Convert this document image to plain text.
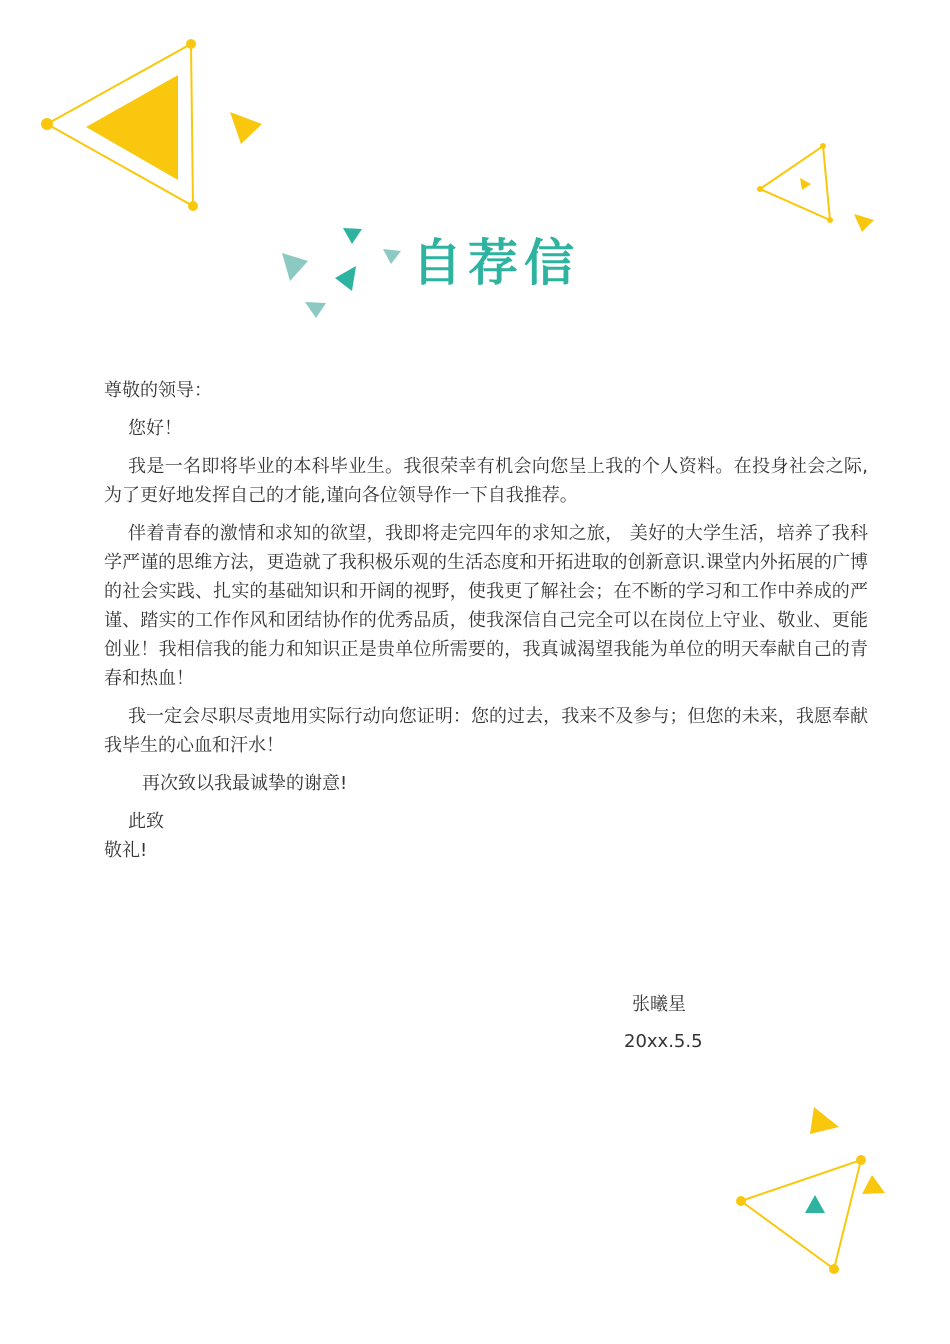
自荐信

尊敬的领导：

您好！

我是一名即将毕业的本科毕业生。我很荣幸有机会向您呈上我的个人资料。在投身社会之际,为了更好地发挥自己的才能,谨向各位领导作一下自我推荐。

伴着青春的激情和求知的欲望，我即将走完四年的求知之旅， 美好的大学生活，培养了我科学严谨的思维方法，更造就了我积极乐观的生活态度和开拓进取的创新意识.课堂内外拓展的广博的社会实践、扎实的基础知识和开阔的视野，使我更了解社会；在不断的学习和工作中养成的严谨、踏实的工作作风和团结协作的优秀品质，使我深信自己完全可以在岗位上守业、敬业、更能创业！我相信我的能力和知识正是贵单位所需要的，我真诚渴望我能为单位的明天奉献自己的青春和热血！

我一定会尽职尽责地用实际行动向您证明：您的过去，我来不及参与；但您的未来，我愿奉献我毕生的心血和汗水！

再次致以我最诚挚的谢意!

此致

敬礼!

张曦星

20xx.5.5
